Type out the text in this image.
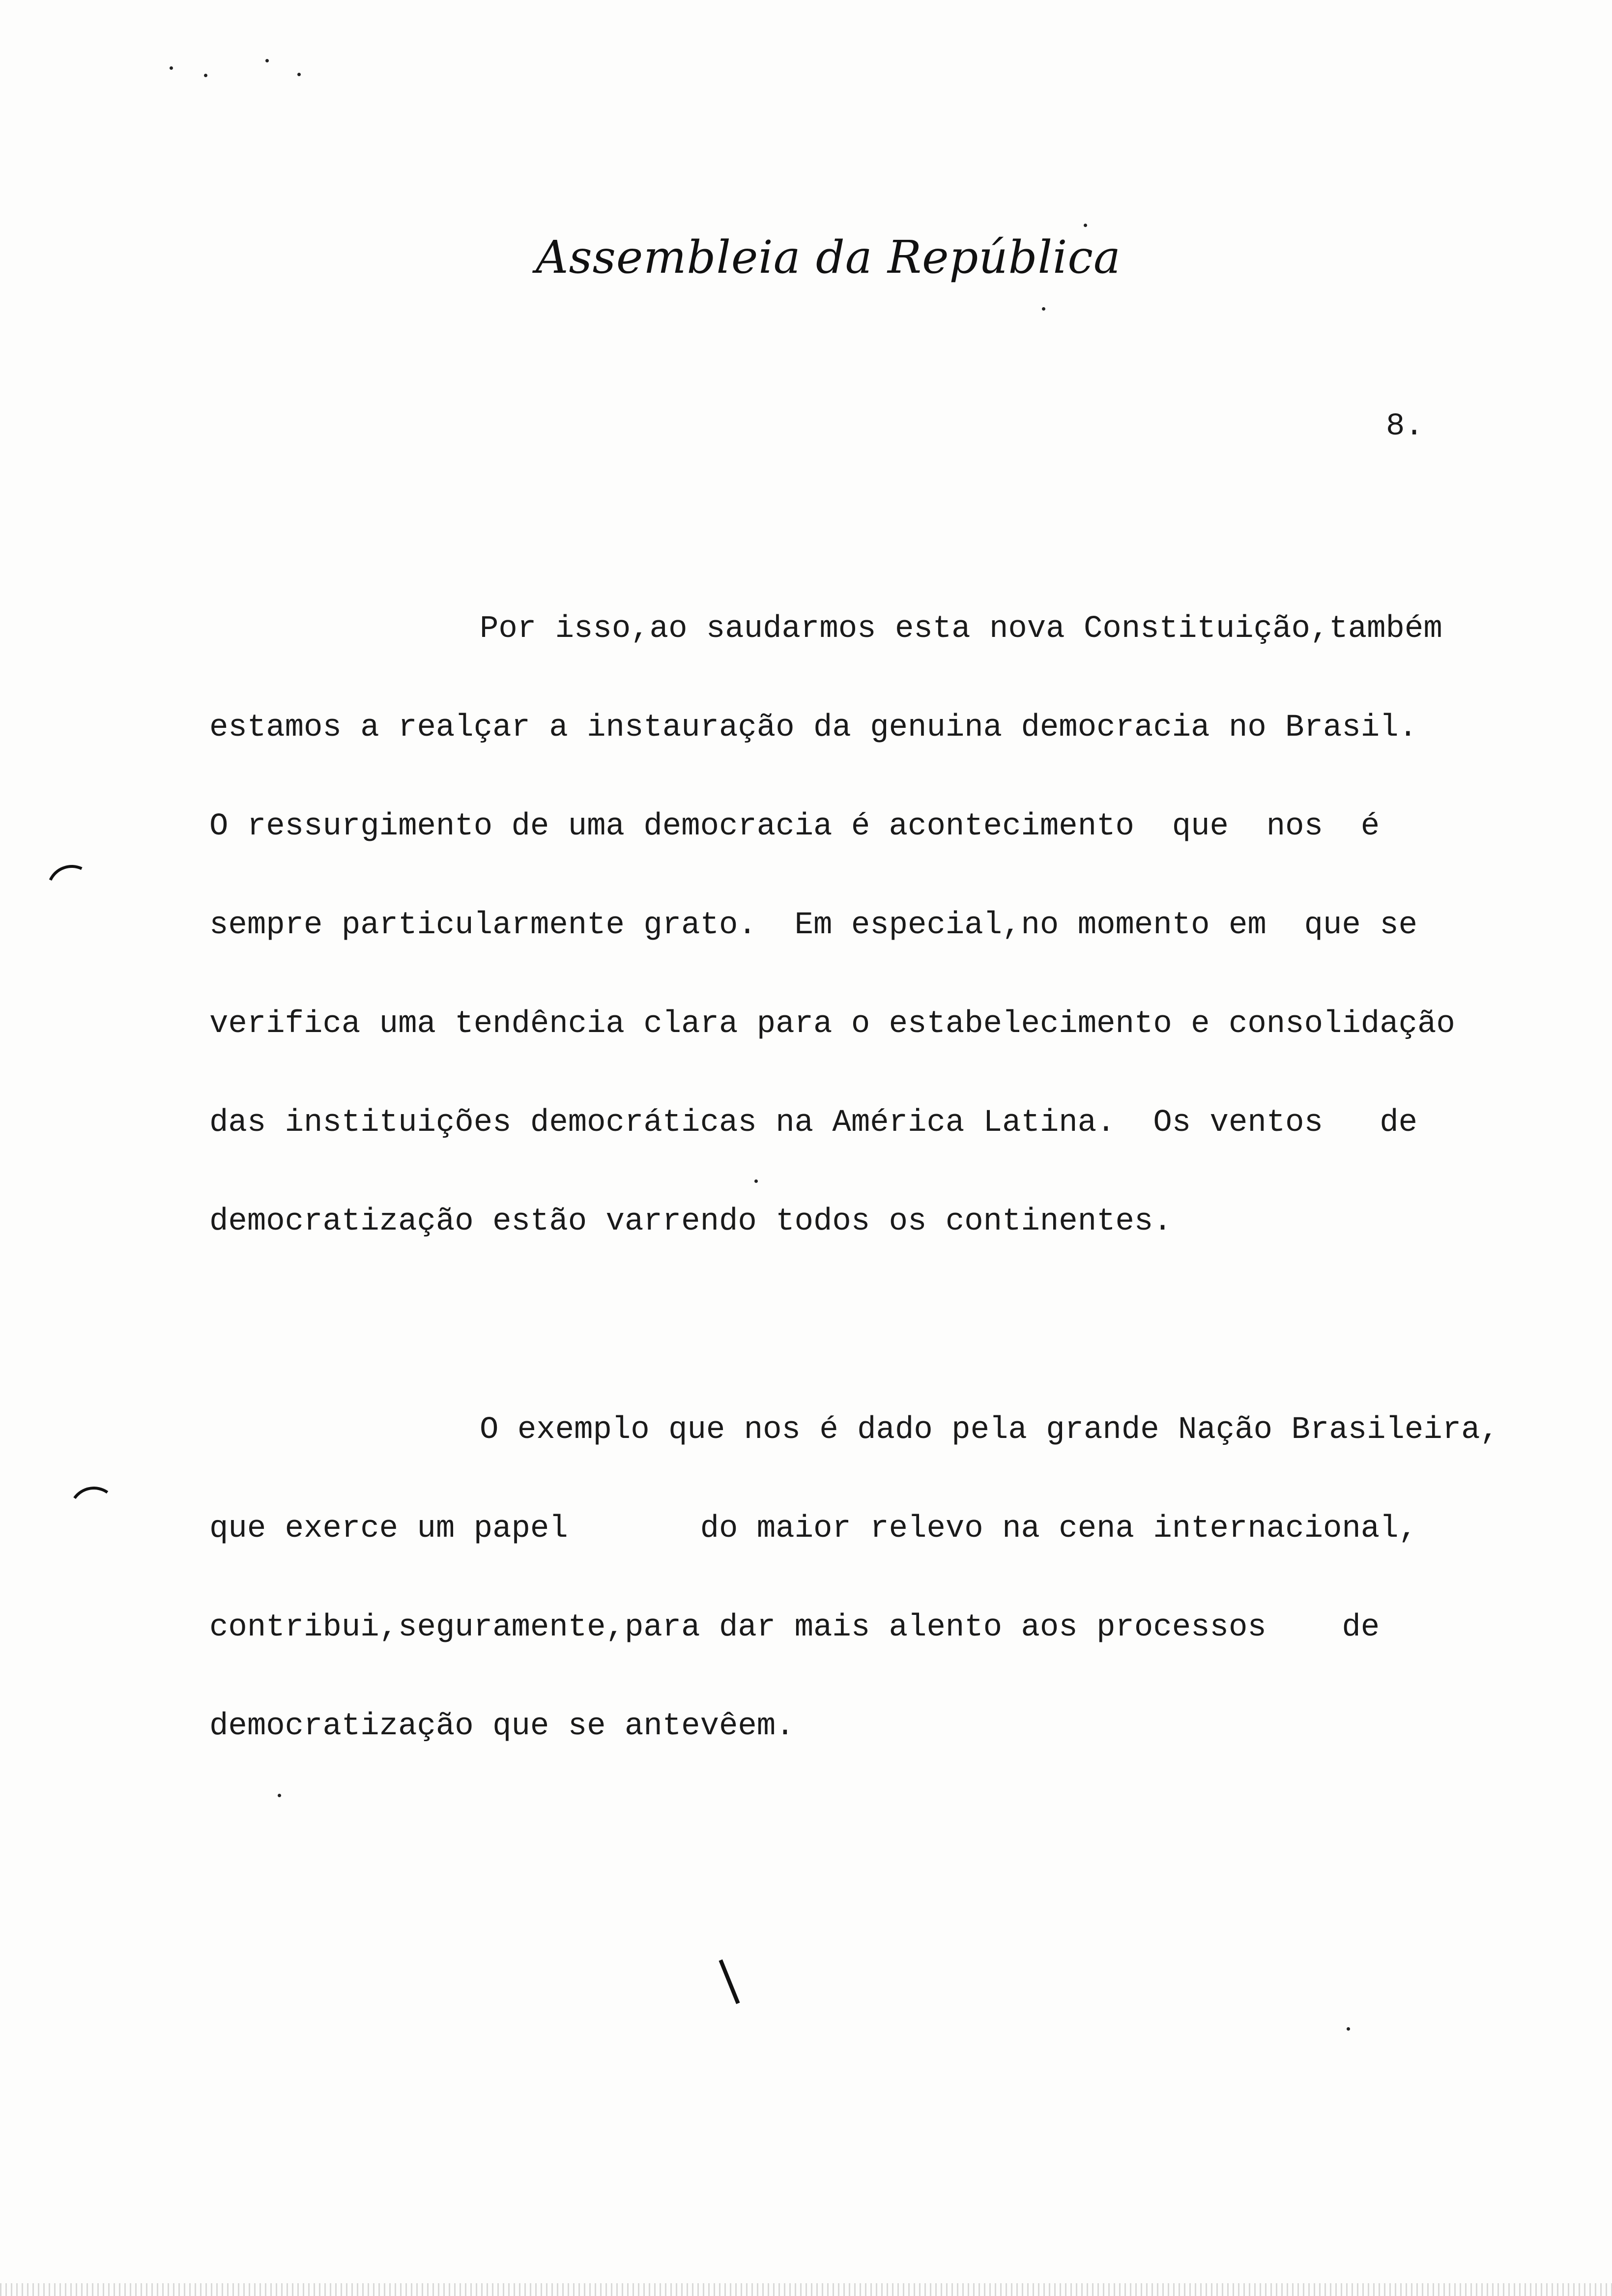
Assembleia da República
8.
Por isso,ao saudarmos esta nova Constituição,também
estamos a realçar a instauração da genuina democracia no Brasil.
O ressurgimento de uma democracia é acontecimento  que  nos  é
sempre particularmente grato.  Em especial,no momento em  que se
verifica uma tendência clara para o estabelecimento e consolidação
das instituições democráticas na América Latina.  Os ventos   de
democratização estão varrendo todos os continentes.
O exemplo que nos é dado pela grande Nação Brasileira,
que exerce um papel       do maior relevo na cena internacional,
contribui,seguramente,para dar mais alento aos processos    de
democratização que se antevêem.
